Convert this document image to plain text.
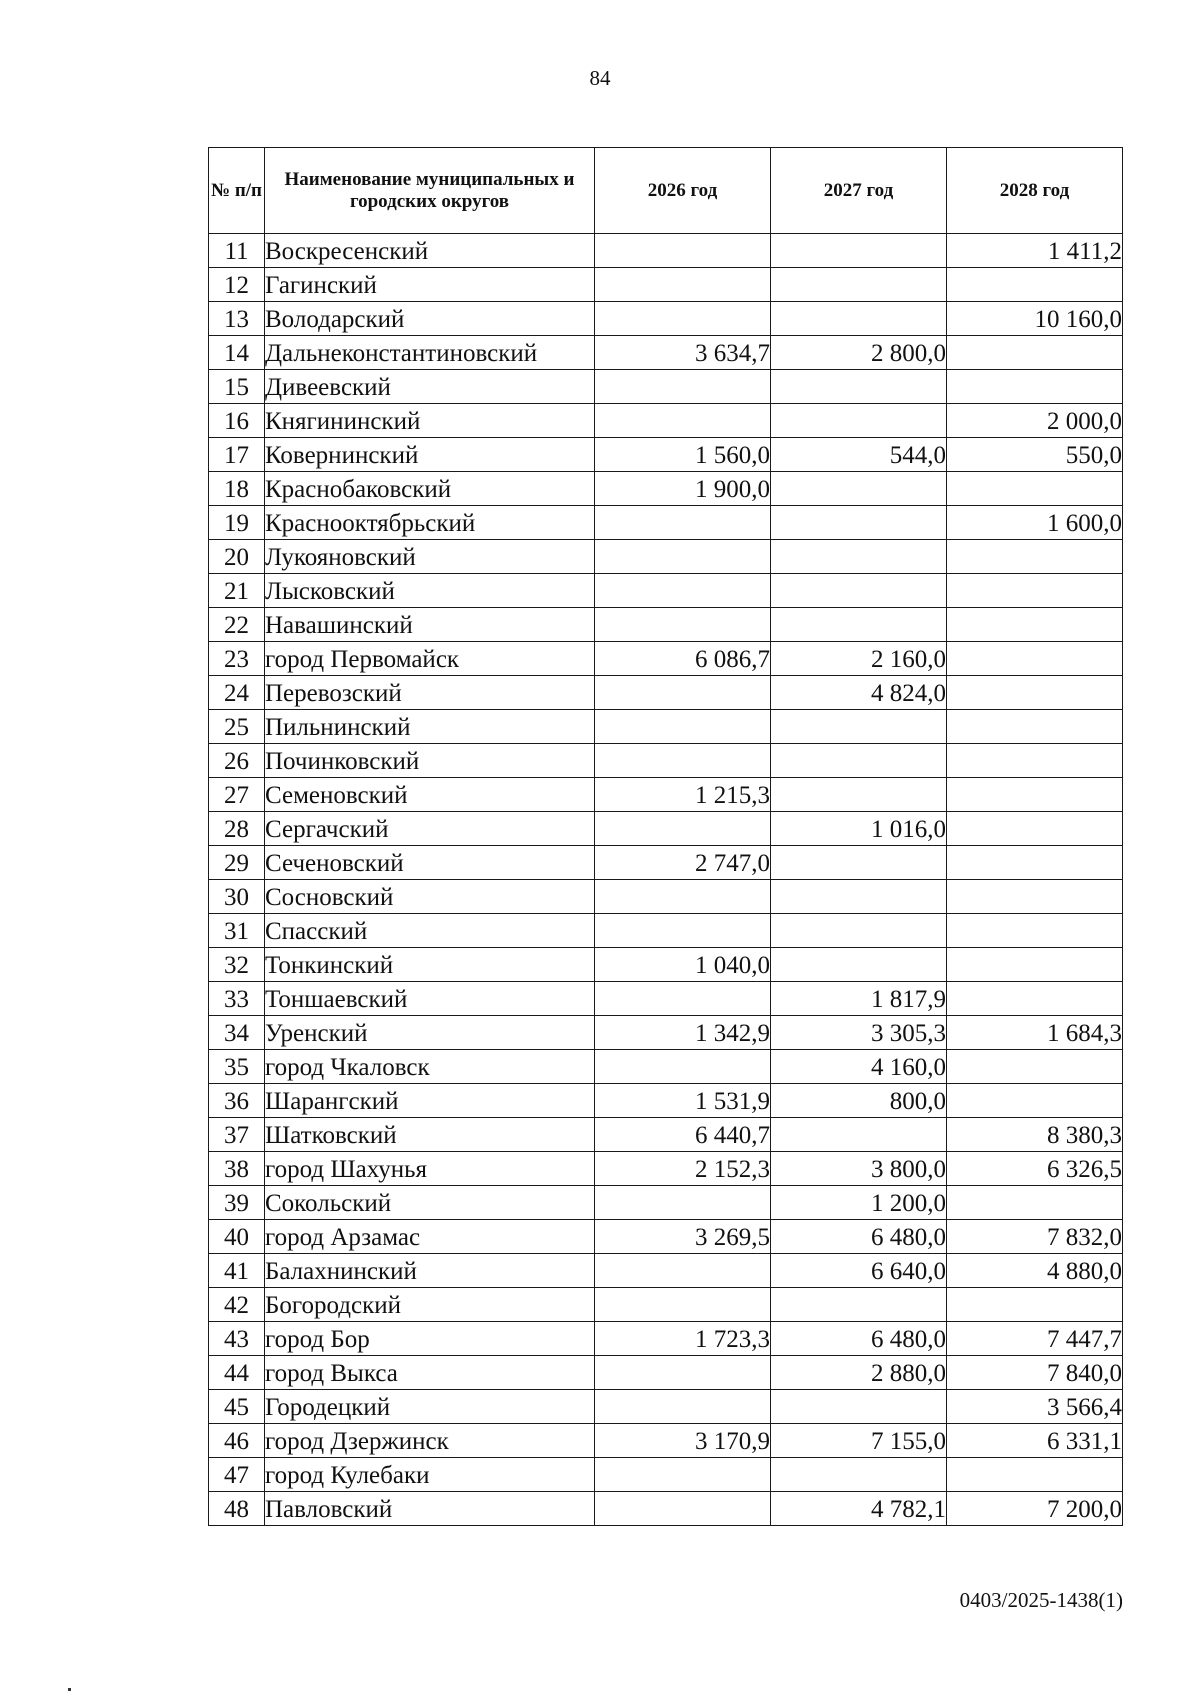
84
№ п/п	Наименование муниципальных и городских округов	2026 год	2027 год	2028 год
11	Воскресенский			1 411,2
12	Гагинский			
13	Володарский			10 160,0
14	Дальнеконстантиновский	3 634,7	2 800,0	
15	Дивеевский			
16	Княгининский			2 000,0
17	Ковернинский	1 560,0	544,0	550,0
18	Краснобаковский	1 900,0		
19	Краснооктябрьский			1 600,0
20	Лукояновский			
21	Лысковский			
22	Навашинский			
23	город Первомайск	6 086,7	2 160,0	
24	Перевозский		4 824,0	
25	Пильнинский			
26	Починковский			
27	Семеновский	1 215,3		
28	Сергачский		1 016,0	
29	Сеченовский	2 747,0		
30	Сосновский			
31	Спасский			
32	Тонкинский	1 040,0		
33	Тоншаевский		1 817,9	
34	Уренский	1 342,9	3 305,3	1 684,3
35	город Чкаловск		4 160,0	
36	Шарангский	1 531,9	800,0	
37	Шатковский	6 440,7		8 380,3
38	город Шахунья	2 152,3	3 800,0	6 326,5
39	Сокольский		1 200,0	
40	город Арзамас	3 269,5	6 480,0	7 832,0
41	Балахнинский		6 640,0	4 880,0
42	Богородский			
43	город Бор	1 723,3	6 480,0	7 447,7
44	город Выкса		2 880,0	7 840,0
45	Городецкий			3 566,4
46	город Дзержинск	3 170,9	7 155,0	6 331,1
47	город Кулебаки			
48	Павловский		4 782,1	7 200,0
0403/2025-1438(1)
